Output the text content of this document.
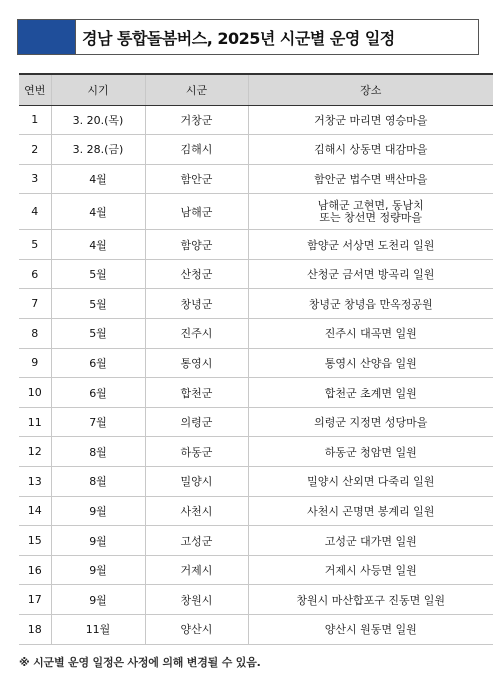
경남 통합돌봄버스, 2025년 시군별 운영 일정
연번	시기	시군	장소
1	3. 20.(목)	거창군	거창군 마리면 영승마을

2	3. 28.(금)	김해시	김해시 상동면 대감마을

3	4월	함안군	함안군 법수면 백산마을

4	4월	남해군	남해군 고현면, 동남치
또는 창선면 정량마을

5	4월	함양군	함양군 서상면 도천리 일원

6	5월	산청군	산청군 금서면 방곡리 일원

7	5월	창녕군	창녕군 창녕읍 만옥정공원

8	5월	진주시	진주시 대곡면 일원

9	6월	통영시	통영시 산양읍 일원

10	6월	합천군	합천군 초계면 일원

11	7월	의령군	의령군 지정면 성당마을

12	8월	하동군	하동군 청암면 일원

13	8월	밀양시	밀양시 산외면 다죽리 일원

14	9월	사천시	사천시 곤명면 봉계리 일원

15	9월	고성군	고성군 대가면 일원

16	9월	거제시	거제시 사등면 일원

17	9월	창원시	창원시 마산합포구 진동면 일원

18	11월	양산시	양산시 원동면 일원
※ 시군별 운영 일정은 사정에 의해 변경될 수 있음.
